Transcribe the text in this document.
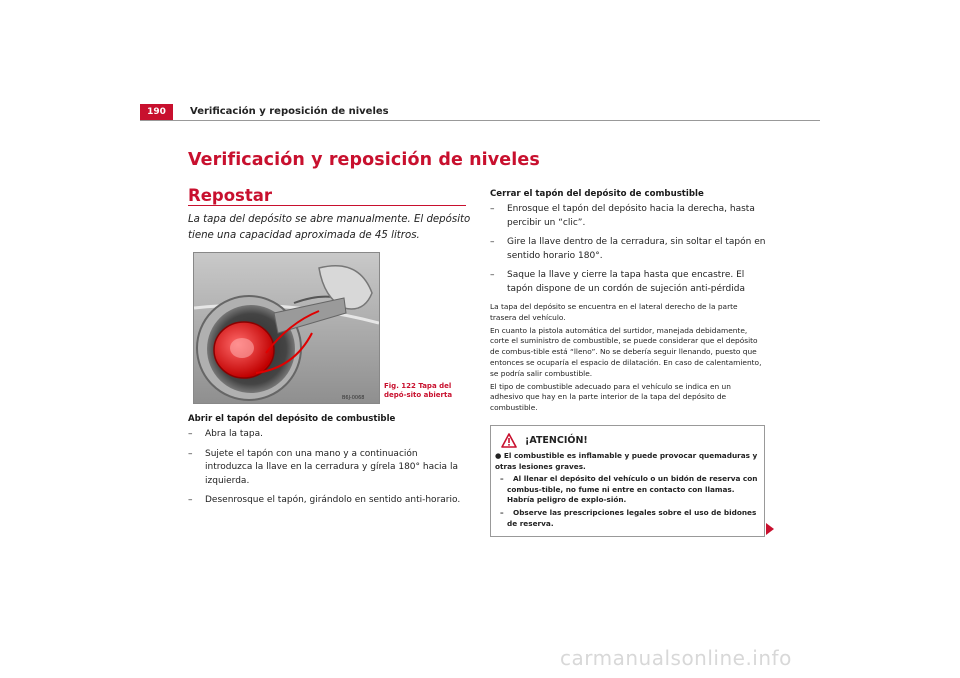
190	Verificación y reposición de niveles
Verificación y reposición de niveles
Repostar
La tapa del depósito se abre manualmente. El depósito tiene una capacidad aproximada de 45 litros.
B6J-0068
Fig. 122 Tapa del depó-sito abierta
Abrir el tapón del depósito de combustible
– Abra la tapa.
– Sujete el tapón con una mano y a continuación introduzca la llave en la cerradura y gírela 180° hacia la izquierda.
– Desenrosque el tapón, girándolo en sentido anti-horario.
Cerrar el tapón del depósito de combustible
– Enrosque el tapón del depósito hacia la derecha, hasta percibir un “clic”.
– Gire la llave dentro de la cerradura, sin soltar el tapón en sentido horario 180°.
– Saque la llave y cierre la tapa hasta que encastre. El tapón dispone de un cordón de sujeción anti-pérdida

La tapa del depósito se encuentra en el lateral derecho de la parte trasera del vehículo.

En cuanto la pistola automática del surtidor, manejada debidamente, corte el suministro de combustible, se puede considerar que el depósito de combus-tible está “lleno”. No se debería seguir llenando, puesto que entonces se ocuparía el espacio de dilatación. En caso de calentamiento, se podría salir combustible.

El tipo de combustible adecuado para el vehículo se indica en un adhesivo que hay en la parte interior de la tapa del depósito de combustible.

¡ATENCIÓN!

● El combustible es inflamable y puede provocar quemaduras y otras lesiones graves.

– Al llenar el depósito del vehículo o un bidón de reserva con combus-tible, no fume ni entre en contacto con llamas. Habría peligro de explo-sión.

– Observe las prescripciones legales sobre el uso de bidones de reserva.

carmanualsonline.info
